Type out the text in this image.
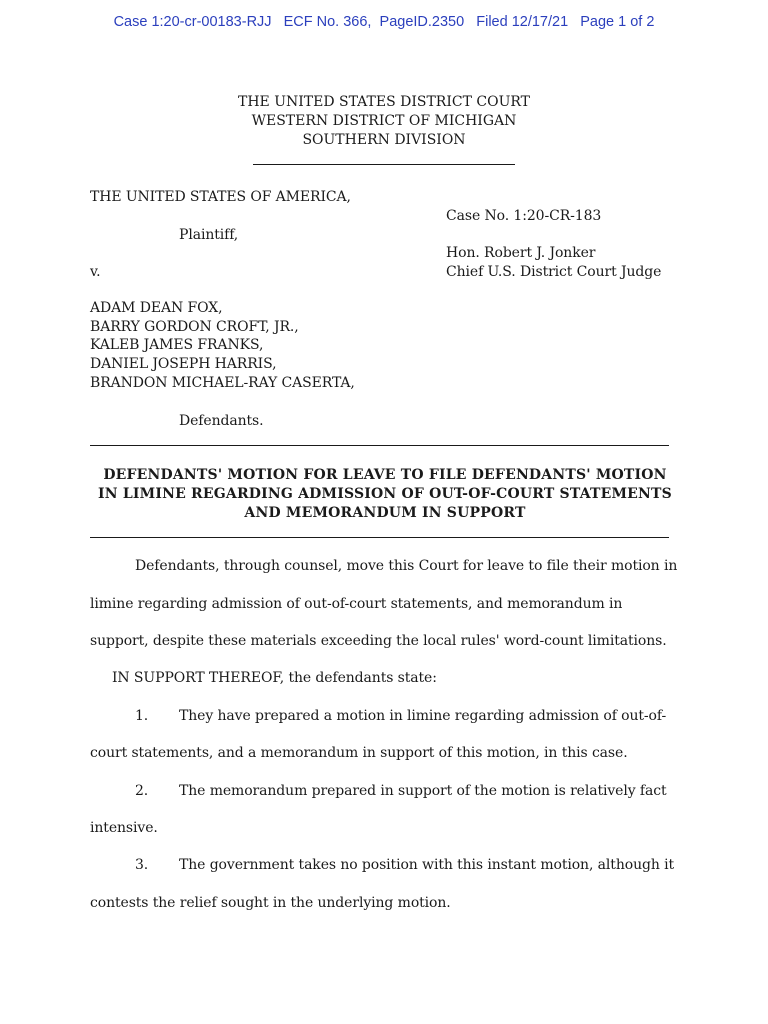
Case 1:20-cr-00183-RJJ   ECF No. 366,  PageID.2350   Filed 12/17/21   Page 1 of 2
THE UNITED STATES DISTRICT COURT
WESTERN DISTRICT OF MICHIGAN
SOUTHERN DIVISION
THE UNITED STATES OF AMERICA,
Case No. 1:20-CR-183
Plaintiff,
Hon. Robert J. Jonker
v.	Chief U.S. District Court Judge
ADAM DEAN FOX,
BARRY GORDON CROFT, JR.,
KALEB JAMES FRANKS,
DANIEL JOSEPH HARRIS,
BRANDON MICHAEL-RAY CASERTA,
Defendants.
DEFENDANTS' MOTION FOR LEAVE TO FILE DEFENDANTS' MOTION
IN LIMINE REGARDING ADMISSION OF OUT-OF-COURT STATEMENTS
AND MEMORANDUM IN SUPPORT
Defendants, through counsel, move this Court for leave to file their motion in
limine regarding admission of out-of-court statements, and memorandum in
support, despite these materials exceeding the local rules' word-count limitations.
IN SUPPORT THEREOF, the defendants state:
1. They have prepared a motion in limine regarding admission of out-of-
court statements, and a memorandum in support of this motion, in this case.
2. The memorandum prepared in support of the motion is relatively fact
intensive.
3. The government takes no position with this instant motion, although it
contests the relief sought in the underlying motion.
